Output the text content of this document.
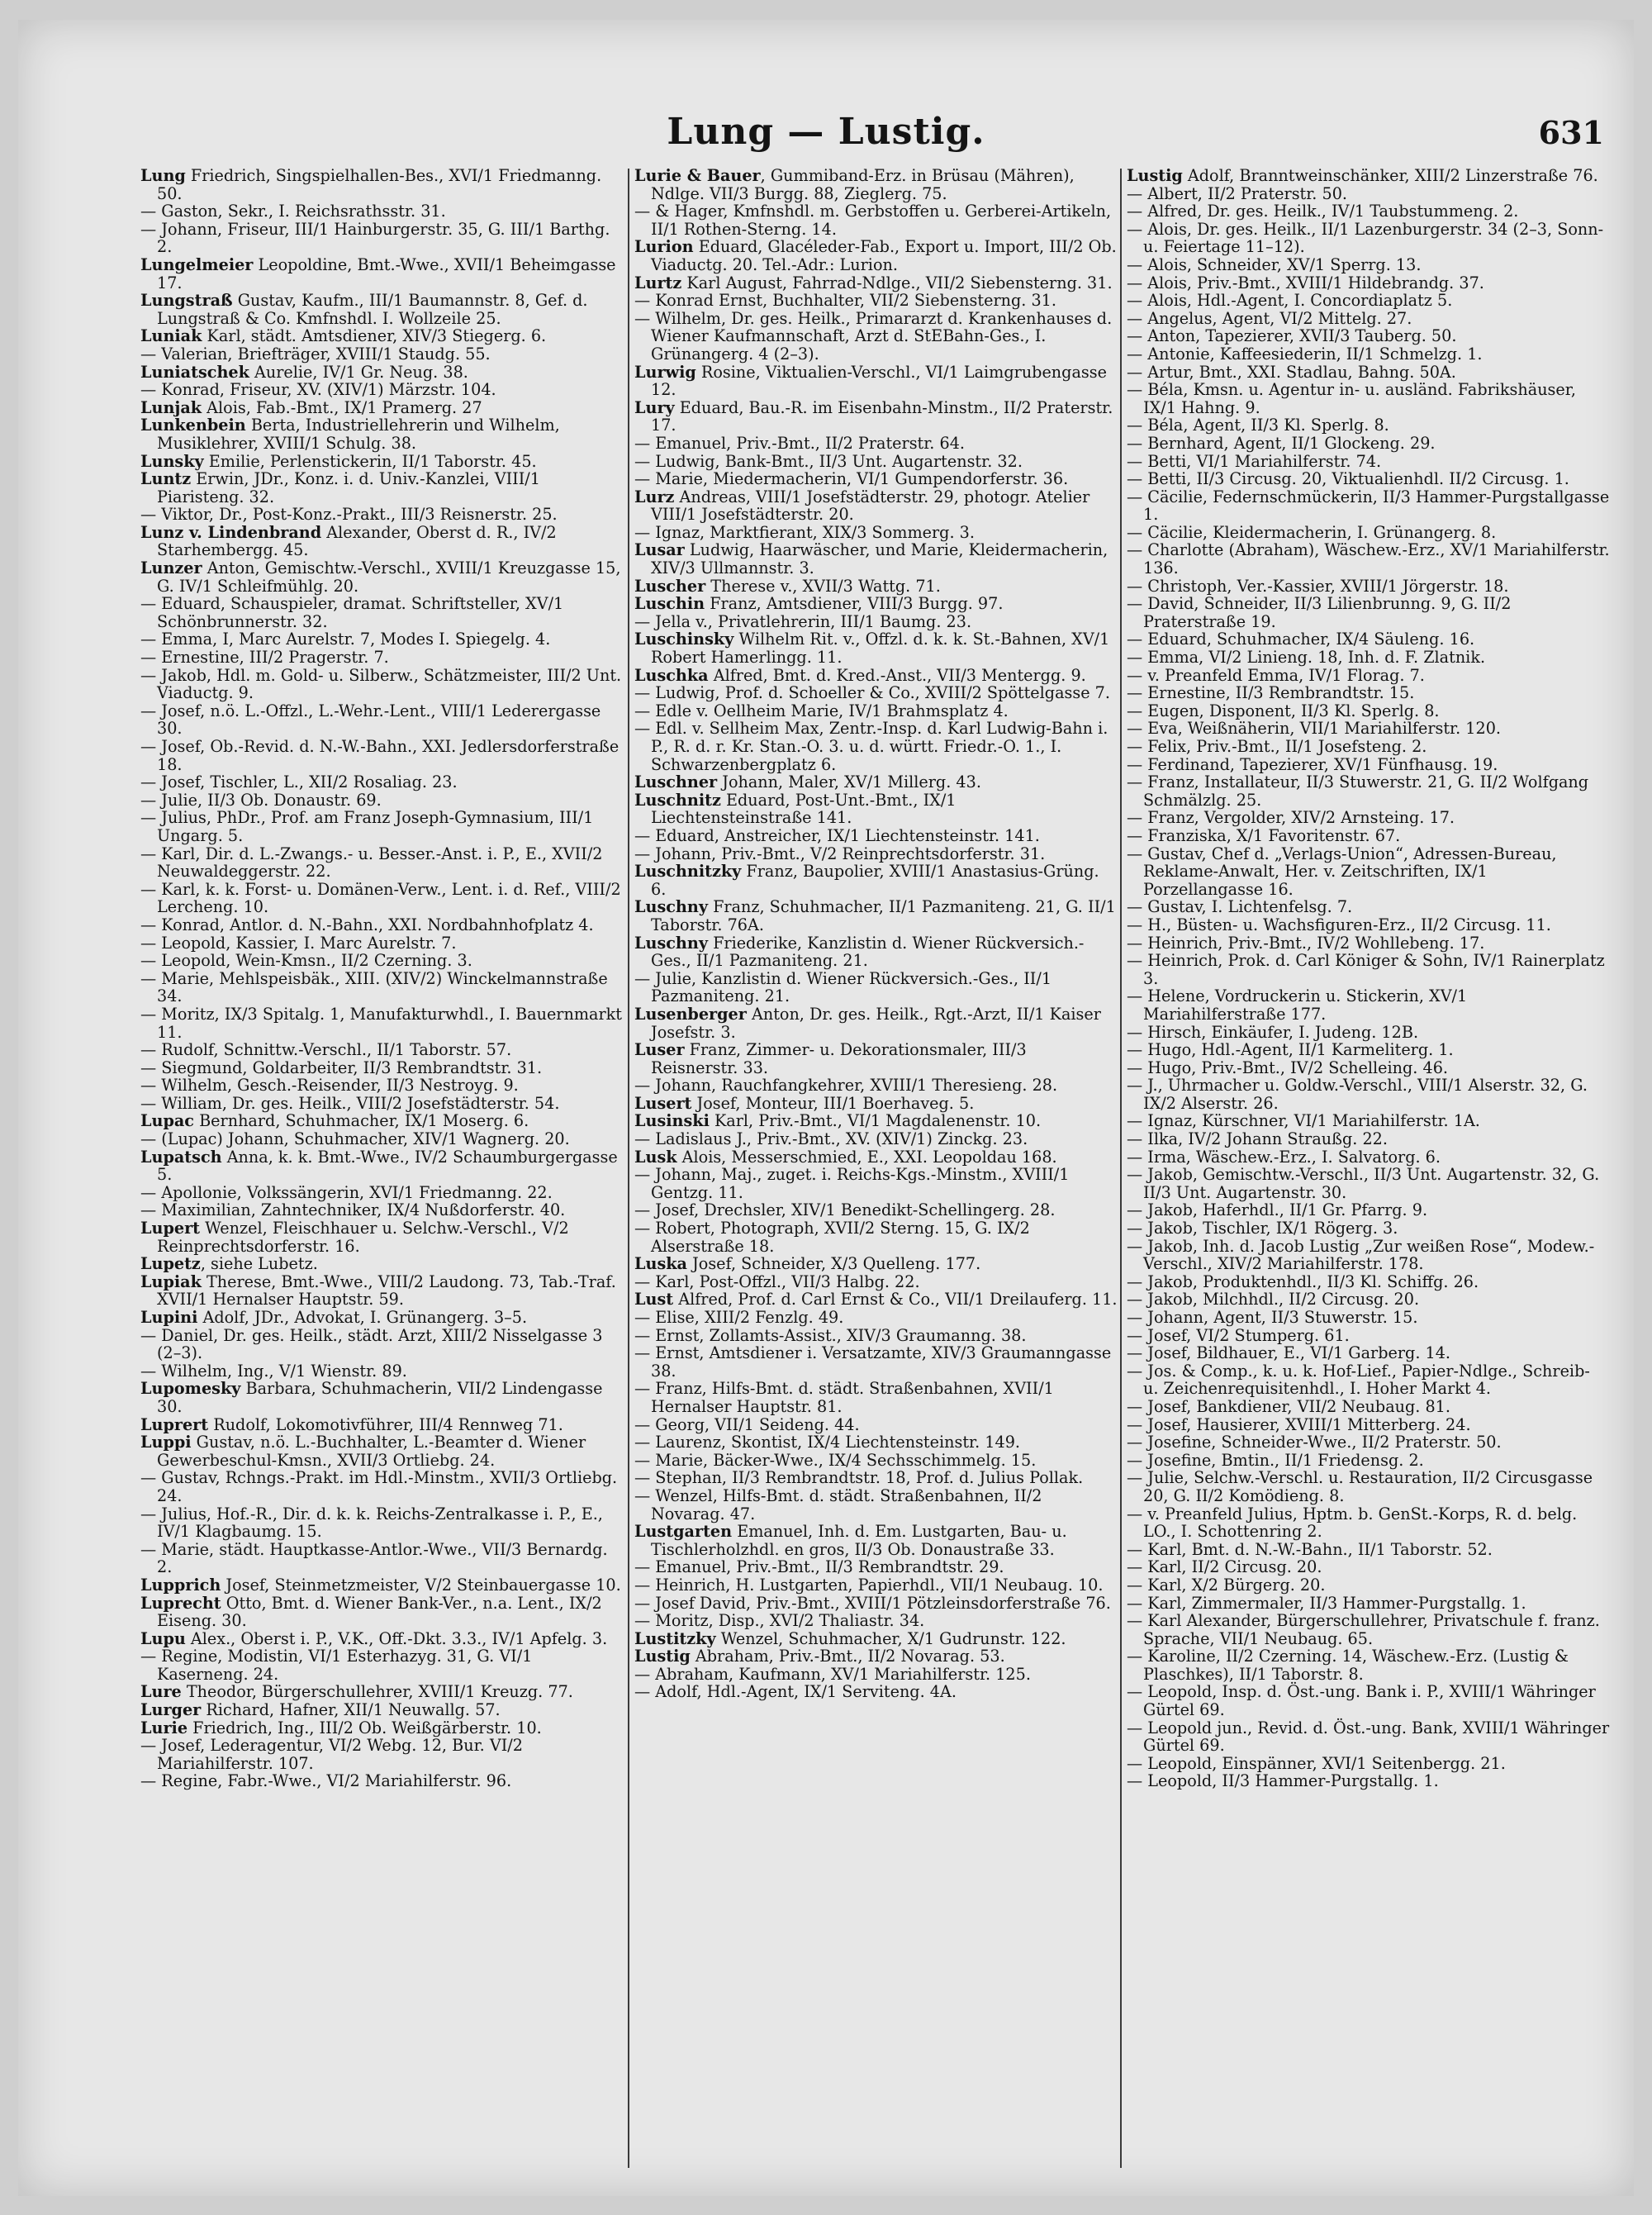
Lung — Lustig.	631

Lung Friedrich, Singspielhallen-Bes., XVI/1 Friedmanng. 50.

— Gaston, Sekr., I. Reichsrathsstr. 31.

— Johann, Friseur, III/1 Hainburgerstr. 35, G. III/1 Barthg. 2.

Lungelmeier Leopoldine, Bmt.-Wwe., XVII/1 Beheimgasse 17.

Lungstraß Gustav, Kaufm., III/1 Baumannstr. 8, Gef. d. Lungstraß & Co. Kmfnshdl. I. Wollzeile 25.

Luniak Karl, städt. Amtsdiener, XIV/3 Stiegerg. 6.

— Valerian, Briefträger, XVIII/1 Staudg. 55.

Luniatschek Aurelie, IV/1 Gr. Neug. 38.

— Konrad, Friseur, XV. (XIV/1) Märzstr. 104.

Lunjak Alois, Fab.-Bmt., IX/1 Pramerg. 27

Lunkenbein Berta, Industriellehrerin und Wilhelm, Musiklehrer, XVIII/1 Schulg. 38.

Lunsky Emilie, Perlenstickerin, II/1 Taborstr. 45.

Luntz Erwin, JDr., Konz. i. d. Univ.-Kanzlei, VIII/1 Piaristeng. 32.

— Viktor, Dr., Post-Konz.-Prakt., III/3 Reisnerstr. 25.

Lunz v. Lindenbrand Alexander, Oberst d. R., IV/2 Starhembergg. 45.

Lunzer Anton, Gemischtw.-Verschl., XVIII/1 Kreuzgasse 15, G. IV/1 Schleifmühlg. 20.

— Eduard, Schauspieler, dramat. Schriftsteller, XV/1 Schönbrunnerstr. 32.

— Emma, I, Marc Aurelstr. 7, Modes I. Spiegelg. 4.

— Ernestine, III/2 Pragerstr. 7.

— Jakob, Hdl. m. Gold- u. Silberw., Schätzmeister, III/2 Unt. Viaductg. 9.

— Josef, n.ö. L.-Offzl., L.-Wehr.-Lent., VIII/1 Lederergasse 30.

— Josef, Ob.-Revid. d. N.-W.-Bahn., XXI. Jedlersdorferstraße 18.

— Josef, Tischler, L., XII/2 Rosaliag. 23.

— Julie, II/3 Ob. Donaustr. 69.

— Julius, PhDr., Prof. am Franz Joseph-Gymnasium, III/1 Ungarg. 5.

— Karl, Dir. d. L.-Zwangs.- u. Besser.-Anst. i. P., E., XVII/2 Neuwaldeggerstr. 22.

— Karl, k. k. Forst- u. Domänen-Verw., Lent. i. d. Ref., VIII/2 Lercheng. 10.

— Konrad, Antlor. d. N.-Bahn., XXI. Nordbahnhofplatz 4.

— Leopold, Kassier, I. Marc Aurelstr. 7.

— Leopold, Wein-Kmsn., II/2 Czerning. 3.

— Marie, Mehlspeisbäk., XIII. (XIV/2) Winckelmannstraße 34.

— Moritz, IX/3 Spitalg. 1, Manufakturwhdl., I. Bauernmarkt 11.

— Rudolf, Schnittw.-Verschl., II/1 Taborstr. 57.

— Siegmund, Goldarbeiter, II/3 Rembrandtstr. 31.

— Wilhelm, Gesch.-Reisender, II/3 Nestroyg. 9.

— William, Dr. ges. Heilk., VIII/2 Josefstädterstr. 54.

Lupac Bernhard, Schuhmacher, IX/1 Moserg. 6.

— (Lupac) Johann, Schuhmacher, XIV/1 Wagnerg. 20.

Lupatsch Anna, k. k. Bmt.-Wwe., IV/2 Schaumburgergasse 5.

— Apollonie, Volkssängerin, XVI/1 Friedmanng. 22.

— Maximilian, Zahntechniker, IX/4 Nußdorferstr. 40.

Lupert Wenzel, Fleischhauer u. Selchw.-Verschl., V/2 Reinprechtsdorferstr. 16.

Lupetz, siehe Lubetz.

Lupiak Therese, Bmt.-Wwe., VIII/2 Laudong. 73, Tab.-Traf. XVII/1 Hernalser Hauptstr. 59.

Lupini Adolf, JDr., Advokat, I. Grünangerg. 3–5.

— Daniel, Dr. ges. Heilk., städt. Arzt, XIII/2 Nisselgasse 3 (2–3).

— Wilhelm, Ing., V/1 Wienstr. 89.

Lupomesky Barbara, Schuhmacherin, VII/2 Lindengasse 30.

Luprert Rudolf, Lokomotivführer, III/4 Rennweg 71.

Luppi Gustav, n.ö. L.-Buchhalter, L.-Beamter d. Wiener Gewerbeschul-Kmsn., XVII/3 Ortliebg. 24.

— Gustav, Rchngs.-Prakt. im Hdl.-Minstm., XVII/3 Ortliebg. 24.

— Julius, Hof.-R., Dir. d. k. k. Reichs-Zentralkasse i. P., E., IV/1 Klagbaumg. 15.

— Marie, städt. Hauptkasse-Antlor.-Wwe., VII/3 Bernardg. 2.

Lupprich Josef, Steinmetzmeister, V/2 Steinbauergasse 10.

Luprecht Otto, Bmt. d. Wiener Bank-Ver., n.a. Lent., IX/2 Eiseng. 30.

Lupu Alex., Oberst i. P., V.K., Off.-Dkt. 3.3., IV/1 Apfelg. 3.

— Regine, Modistin, VI/1 Esterhazyg. 31, G. VI/1 Kaserneng. 24.

Lure Theodor, Bürgerschullehrer, XVIII/1 Kreuzg. 77.

Lurger Richard, Hafner, XII/1 Neuwallg. 57.

Lurie Friedrich, Ing., III/2 Ob. Weißgärberstr. 10.

— Josef, Lederagentur, VI/2 Webg. 12, Bur. VI/2 Mariahilferstr. 107.

— Regine, Fabr.-Wwe., VI/2 Mariahilferstr. 96.

Lurie & Bauer, Gummiband-Erz. in Brüsau (Mähren), Ndlge. VII/3 Burgg. 88, Zieglerg. 75.

— & Hager, Kmfnshdl. m. Gerbstoffen u. Gerberei-Artikeln, II/1 Rothen-Sterng. 14.

Lurion Eduard, Glacéleder-Fab., Export u. Import, III/2 Ob. Viaductg. 20. Tel.-Adr.: Lurion.

Lurtz Karl August, Fahrrad-Ndlge., VII/2 Siebensterng. 31.

— Konrad Ernst, Buchhalter, VII/2 Siebensterng. 31.

— Wilhelm, Dr. ges. Heilk., Primararzt d. Krankenhauses d. Wiener Kaufmannschaft, Arzt d. StEBahn-Ges., I. Grünangerg. 4 (2–3).

Lurwig Rosine, Viktualien-Verschl., VI/1 Laimgrubengasse 12.

Lury Eduard, Bau.-R. im Eisenbahn-Minstm., II/2 Praterstr. 17.

— Emanuel, Priv.-Bmt., II/2 Praterstr. 64.

— Ludwig, Bank-Bmt., II/3 Unt. Augartenstr. 32.

— Marie, Miedermacherin, VI/1 Gumpendorferstr. 36.

Lurz Andreas, VIII/1 Josefstädterstr. 29, photogr. Atelier VIII/1 Josefstädterstr. 20.

— Ignaz, Marktfierant, XIX/3 Sommerg. 3.

Lusar Ludwig, Haarwäscher, und Marie, Kleidermacherin, XIV/3 Ullmannstr. 3.

Luscher Therese v., XVII/3 Wattg. 71.

Luschin Franz, Amtsdiener, VIII/3 Burgg. 97.

— Jella v., Privatlehrerin, III/1 Baumg. 23.

Luschinsky Wilhelm Rit. v., Offzl. d. k. k. St.-Bahnen, XV/1 Robert Hamerlingg. 11.

Luschka Alfred, Bmt. d. Kred.-Anst., VII/3 Mentergg. 9.

— Ludwig, Prof. d. Schoeller & Co., XVIII/2 Spöttelgasse 7.

— Edle v. Oellheim Marie, IV/1 Brahmsplatz 4.

— Edl. v. Sellheim Max, Zentr.-Insp. d. Karl Ludwig-Bahn i. P., R. d. r. Kr. Stan.-O. 3. u. d. württ. Friedr.-O. 1., I. Schwarzenbergplatz 6.

Luschner Johann, Maler, XV/1 Millerg. 43.

Luschnitz Eduard, Post-Unt.-Bmt., IX/1 Liechtensteinstraße 141.

— Eduard, Anstreicher, IX/1 Liechtensteinstr. 141.

— Johann, Priv.-Bmt., V/2 Reinprechtsdorferstr. 31.

Luschnitzky Franz, Baupolier, XVIII/1 Anastasius-Grüng. 6.

Luschny Franz, Schuhmacher, II/1 Pazmaniteng. 21, G. II/1 Taborstr. 76A.

Luschny Friederike, Kanzlistin d. Wiener Rückversich.-Ges., II/1 Pazmaniteng. 21.

— Julie, Kanzlistin d. Wiener Rückversich.-Ges., II/1 Pazmaniteng. 21.

Lusenberger Anton, Dr. ges. Heilk., Rgt.-Arzt, II/1 Kaiser Josefstr. 3.

Luser Franz, Zimmer- u. Dekorationsmaler, III/3 Reisnerstr. 33.

— Johann, Rauchfangkehrer, XVIII/1 Theresieng. 28.

Lusert Josef, Monteur, III/1 Boerhaveg. 5.

Lusinski Karl, Priv.-Bmt., VI/1 Magdalenenstr. 10.

— Ladislaus J., Priv.-Bmt., XV. (XIV/1) Zinckg. 23.

Lusk Alois, Messerschmied, E., XXI. Leopoldau 168.

— Johann, Maj., zuget. i. Reichs-Kgs.-Minstm., XVIII/1 Gentzg. 11.

— Josef, Drechsler, XIV/1 Benedikt-Schellingerg. 28.

— Robert, Photograph, XVII/2 Sterng. 15, G. IX/2 Alserstraße 18.

Luska Josef, Schneider, X/3 Quelleng. 177.

— Karl, Post-Offzl., VII/3 Halbg. 22.

Lust Alfred, Prof. d. Carl Ernst & Co., VII/1 Dreilauferg. 11.

— Elise, XIII/2 Fenzlg. 49.

— Ernst, Zollamts-Assist., XIV/3 Graumanng. 38.

— Ernst, Amtsdiener i. Versatzamte, XIV/3 Graumanngasse 38.

— Franz, Hilfs-Bmt. d. städt. Straßenbahnen, XVII/1 Hernalser Hauptstr. 81.

— Georg, VII/1 Seideng. 44.

— Laurenz, Skontist, IX/4 Liechtensteinstr. 149.

— Marie, Bäcker-Wwe., IX/4 Sechsschimmelg. 15.

— Stephan, II/3 Rembrandtstr. 18, Prof. d. Julius Pollak.

— Wenzel, Hilfs-Bmt. d. städt. Straßenbahnen, II/2 Novarag. 47.

Lustgarten Emanuel, Inh. d. Em. Lustgarten, Bau- u. Tischlerholzhdl. en gros, II/3 Ob. Donaustraße 33.

— Emanuel, Priv.-Bmt., II/3 Rembrandtstr. 29.

— Heinrich, H. Lustgarten, Papierhdl., VII/1 Neubaug. 10.

— Josef David, Priv.-Bmt., XVIII/1 Pötzleinsdorferstraße 76.

— Moritz, Disp., XVI/2 Thaliastr. 34.

Lustitzky Wenzel, Schuhmacher, X/1 Gudrunstr. 122.

Lustig Abraham, Priv.-Bmt., II/2 Novarag. 53.

— Abraham, Kaufmann, XV/1 Mariahilferstr. 125.

— Adolf, Hdl.-Agent, IX/1 Serviteng. 4A.

Lustig Adolf, Branntweinschänker, XIII/2 Linzerstraße 76.

— Albert, II/2 Praterstr. 50.

— Alfred, Dr. ges. Heilk., IV/1 Taubstummeng. 2.

— Alois, Dr. ges. Heilk., II/1 Lazenburgerstr. 34 (2–3, Sonn- u. Feiertage 11–12).

— Alois, Schneider, XV/1 Sperrg. 13.

— Alois, Priv.-Bmt., XVIII/1 Hildebrandg. 37.

— Alois, Hdl.-Agent, I. Concordiaplatz 5.

— Angelus, Agent, VI/2 Mittelg. 27.

— Anton, Tapezierer, XVII/3 Tauberg. 50.

— Antonie, Kaffeesiederin, II/1 Schmelzg. 1.

— Artur, Bmt., XXI. Stadlau, Bahng. 50A.

— Béla, Kmsn. u. Agentur in- u. ausländ. Fabrikshäuser, IX/1 Hahng. 9.

— Béla, Agent, II/3 Kl. Sperlg. 8.

— Bernhard, Agent, II/1 Glockeng. 29.

— Betti, VI/1 Mariahilferstr. 74.

— Betti, II/3 Circusg. 20, Viktualienhdl. II/2 Circusg. 1.

— Cäcilie, Federnschmückerin, II/3 Hammer-Purgstallgasse 1.

— Cäcilie, Kleidermacherin, I. Grünangerg. 8.

— Charlotte (Abraham), Wäschew.-Erz., XV/1 Mariahilferstr. 136.

— Christoph, Ver.-Kassier, XVIII/1 Jörgerstr. 18.

— David, Schneider, II/3 Lilienbrunng. 9, G. II/2 Praterstraße 19.

— Eduard, Schuhmacher, IX/4 Säuleng. 16.

— Emma, VI/2 Linieng. 18, Inh. d. F. Zlatnik.

— v. Preanfeld Emma, IV/1 Florag. 7.

— Ernestine, II/3 Rembrandtstr. 15.

— Eugen, Disponent, II/3 Kl. Sperlg. 8.

— Eva, Weißnäherin, VII/1 Mariahilferstr. 120.

— Felix, Priv.-Bmt., II/1 Josefsteng. 2.

— Ferdinand, Tapezierer, XV/1 Fünfhausg. 19.

— Franz, Installateur, II/3 Stuwerstr. 21, G. II/2 Wolfgang Schmälzlg. 25.

— Franz, Vergolder, XIV/2 Arnsteing. 17.

— Franziska, X/1 Favoritenstr. 67.

— Gustav, Chef d. „Verlags-Union“, Adressen-Bureau, Reklame-Anwalt, Her. v. Zeitschriften, IX/1 Porzellangasse 16.

— Gustav, I. Lichtenfelsg. 7.

— H., Büsten- u. Wachsfiguren-Erz., II/2 Circusg. 11.

— Heinrich, Priv.-Bmt., IV/2 Wohllebeng. 17.

— Heinrich, Prok. d. Carl Königer & Sohn, IV/1 Rainerplatz 3.

— Helene, Vordruckerin u. Stickerin, XV/1 Mariahilferstraße 177.

— Hirsch, Einkäufer, I. Judeng. 12B.

— Hugo, Hdl.-Agent, II/1 Karmeliterg. 1.

— Hugo, Priv.-Bmt., IV/2 Schelleing. 46.

— J., Uhrmacher u. Goldw.-Verschl., VIII/1 Alserstr. 32, G. IX/2 Alserstr. 26.

— Ignaz, Kürschner, VI/1 Mariahilferstr. 1A.

— Ilka, IV/2 Johann Straußg. 22.

— Irma, Wäschew.-Erz., I. Salvatorg. 6.

— Jakob, Gemischtw.-Verschl., II/3 Unt. Augartenstr. 32, G. II/3 Unt. Augartenstr. 30.

— Jakob, Haferhdl., II/1 Gr. Pfarrg. 9.

— Jakob, Tischler, IX/1 Rögerg. 3.

— Jakob, Inh. d. Jacob Lustig „Zur weißen Rose“, Modew.-Verschl., XIV/2 Mariahilferstr. 178.

— Jakob, Produktenhdl., II/3 Kl. Schiffg. 26.

— Jakob, Milchhdl., II/2 Circusg. 20.

— Johann, Agent, II/3 Stuwerstr. 15.

— Josef, VI/2 Stumperg. 61.

— Josef, Bildhauer, E., VI/1 Garberg. 14.

— Jos. & Comp., k. u. k. Hof-Lief., Papier-Ndlge., Schreib- u. Zeichenrequisitenhdl., I. Hoher Markt 4.

— Josef, Bankdiener, VII/2 Neubaug. 81.

— Josef, Hausierer, XVIII/1 Mitterberg. 24.

— Josefine, Schneider-Wwe., II/2 Praterstr. 50.

— Josefine, Bmtin., II/1 Friedensg. 2.

— Julie, Selchw.-Verschl. u. Restauration, II/2 Circusgasse 20, G. II/2 Komödieng. 8.

— v. Preanfeld Julius, Hptm. b. GenSt.-Korps, R. d. belg. LO., I. Schottenring 2.

— Karl, Bmt. d. N.-W.-Bahn., II/1 Taborstr. 52.

— Karl, II/2 Circusg. 20.

— Karl, X/2 Bürgerg. 20.

— Karl, Zimmermaler, II/3 Hammer-Purgstallg. 1.

— Karl Alexander, Bürgerschullehrer, Privatschule f. franz. Sprache, VII/1 Neubaug. 65.

— Karoline, II/2 Czerning. 14, Wäschew.-Erz. (Lustig & Plaschkes), II/1 Taborstr. 8.

— Leopold, Insp. d. Öst.-ung. Bank i. P., XVIII/1 Währinger Gürtel 69.

— Leopold jun., Revid. d. Öst.-ung. Bank, XVIII/1 Währinger Gürtel 69.

— Leopold, Einspänner, XVI/1 Seitenbergg. 21.

— Leopold, II/3 Hammer-Purgstallg. 1.
